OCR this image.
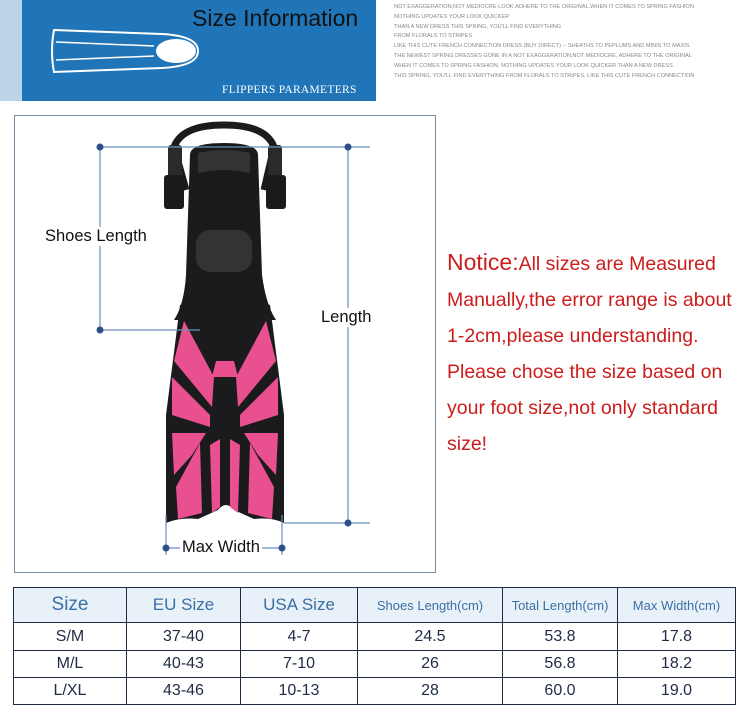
Size Information
FLIPPERS PARAMETERS
NOT EXAGGERATION,NOT MEDIOCRE LOOK,ADHERE TO THE ORIGINAL,WHEN IT COMES TO SPRING FASHION
NOTHING UPDATES YOUR LOOK QUICKER
THAN A NEW DRESS THIS SPRING, YOU'LL FIND EVERYTHING
FROM FLORALS TO STRIPES
LIKE THIS CUTE FRENCH CONNECTION DRESS (BUY DIRECT) -- SHEATHS TO PEPLUMS AND MINIS TO MAXIS
THE NEWEST SPRING DRESSES GONE IN A NOT EXAGGERATION,NOT MEDIOCRE, ADHERE TO THE ORIGINAL
WHEN IT COMES TO SPRING FASHION, NOTHING UPDATES YOUR LOOK QUICKER THAN A NEW DRESS
THIS SPRING, YOU'LL FIND EVERYTHING FROM FLORALS TO STRIPES, LIKE THIS CUTE FRENCH CONNECTION
Shoes Length
Length
Max Width
Notice:All sizes are Measured
Manually,the error range is about
1-2cm,please understanding.
Please chose the size based on
your foot size,not only standard
size!
Size	EU Size	USA Size	Shoes Length(cm)	Total Length(cm)	Max Width(cm)
S/M	37-40	4-7	24.5	53.8	17.8
M/L	40-43	7-10	26	56.8	18.2
L/XL	43-46	10-13	28	60.0	19.0
